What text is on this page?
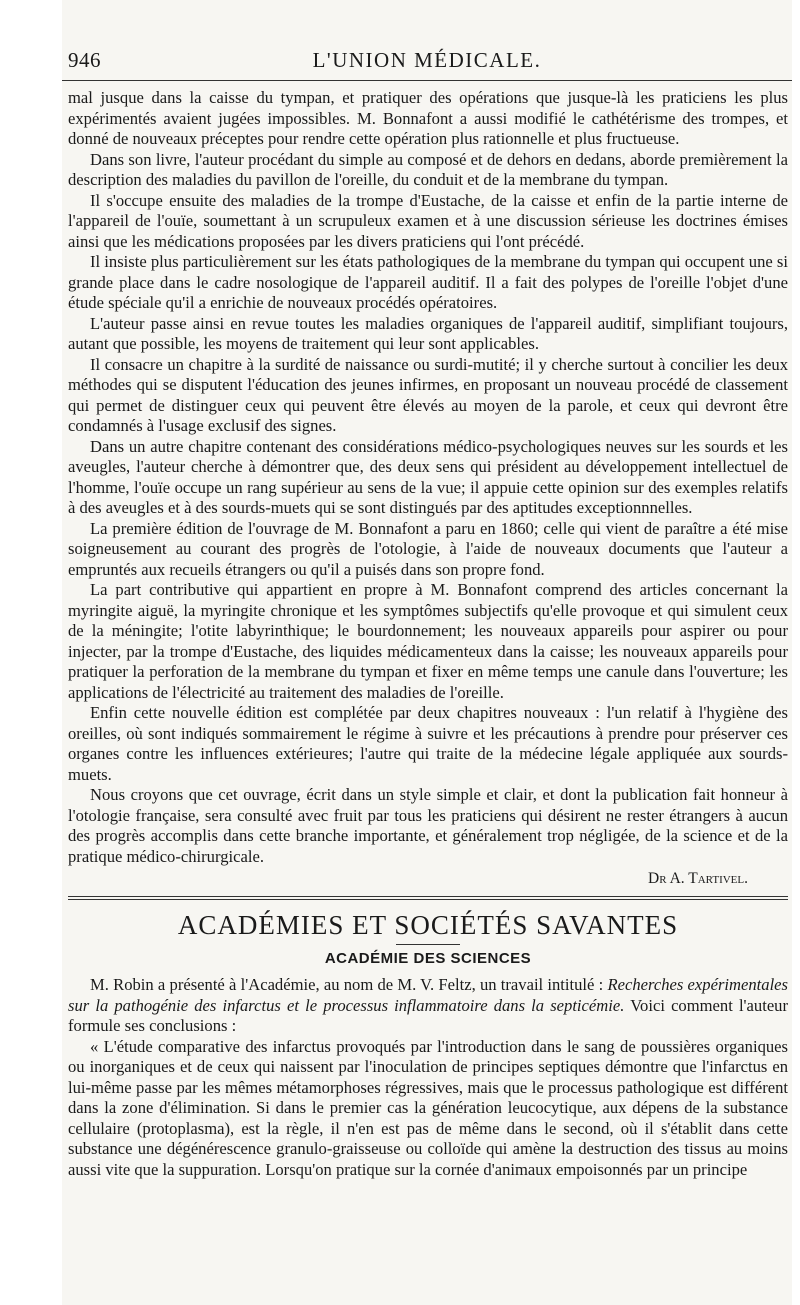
946	L'UNION MÉDICALE.

mal jusque dans la caisse du tympan, et pratiquer des opérations que jusque-là les praticiens les plus expérimentés avaient jugées impossibles. M. Bonnafont a aussi modifié le cathétérisme des trompes, et donné de nouveaux préceptes pour rendre cette opération plus rationnelle et plus fructueuse.

Dans son livre, l'auteur procédant du simple au composé et de dehors en dedans, aborde premièrement la description des maladies du pavillon de l'oreille, du conduit et de la membrane du tympan.

Il s'occupe ensuite des maladies de la trompe d'Eustache, de la caisse et enfin de la partie interne de l'appareil de l'ouïe, soumettant à un scrupuleux examen et à une discussion sérieuse les doctrines émises ainsi que les médications proposées par les divers praticiens qui l'ont précédé.

Il insiste plus particulièrement sur les états pathologiques de la membrane du tympan qui occupent une si grande place dans le cadre nosologique de l'appareil auditif. Il a fait des polypes de l'oreille l'objet d'une étude spéciale qu'il a enrichie de nouveaux procédés opératoires.

L'auteur passe ainsi en revue toutes les maladies organiques de l'appareil auditif, simplifiant toujours, autant que possible, les moyens de traitement qui leur sont applicables.

Il consacre un chapitre à la surdité de naissance ou surdi-mutité; il y cherche surtout à concilier les deux méthodes qui se disputent l'éducation des jeunes infirmes, en proposant un nouveau procédé de classement qui permet de distinguer ceux qui peuvent être élevés au moyen de la parole, et ceux qui devront être condamnés à l'usage exclusif des signes.

Dans un autre chapitre contenant des considérations médico-psychologiques neuves sur les sourds et les aveugles, l'auteur cherche à démontrer que, des deux sens qui président au développement intellectuel de l'homme, l'ouïe occupe un rang supérieur au sens de la vue; il appuie cette opinion sur des exemples relatifs à des aveugles et à des sourds-muets qui se sont distingués par des aptitudes exceptionnnelles.

La première édition de l'ouvrage de M. Bonnafont a paru en 1860; celle qui vient de paraître a été mise soigneusement au courant des progrès de l'otologie, à l'aide de nouveaux documents que l'auteur a empruntés aux recueils étrangers ou qu'il a puisés dans son propre fond.

La part contributive qui appartient en propre à M. Bonnafont comprend des articles concernant la myringite aiguë, la myringite chronique et les symptômes subjectifs qu'elle provoque et qui simulent ceux de la méningite; l'otite labyrinthique; le bourdonnement; les nouveaux appareils pour aspirer ou pour injecter, par la trompe d'Eustache, des liquides médicamenteux dans la caisse; les nouveaux appareils pour pratiquer la perforation de la membrane du tympan et fixer en même temps une canule dans l'ouverture; les applications de l'électricité au traitement des maladies de l'oreille.

Enfin cette nouvelle édition est complétée par deux chapitres nouveaux : l'un relatif à l'hygiène des oreilles, où sont indiqués sommairement le régime à suivre et les précautions à prendre pour préserver ces organes contre les influences extérieures; l'autre qui traite de la médecine légale appliquée aux sourds-muets.

Nous croyons que cet ouvrage, écrit dans un style simple et clair, et dont la publication fait honneur à l'otologie française, sera consulté avec fruit par tous les praticiens qui désirent ne rester étrangers à aucun des progrès accomplis dans cette branche importante, et généralement trop négligée, de la science et de la pratique médico-chirurgicale.

Dr A. Tartivel.
ACADÉMIES ET SOCIÉTÉS SAVANTES
ACADÉMIE DES SCIENCES

M. Robin a présenté à l'Académie, au nom de M. V. Feltz, un travail intitulé : Recherches expérimentales sur la pathogénie des infarctus et le processus inflammatoire dans la septicémie. Voici comment l'auteur formule ses conclusions :

« L'étude comparative des infarctus provoqués par l'introduction dans le sang de poussières organiques ou inorganiques et de ceux qui naissent par l'inoculation de principes septiques démontre que l'infarctus en lui-même passe par les mêmes métamorphoses régressives, mais que le processus pathologique est différent dans la zone d'élimination. Si dans le premier cas la génération leucocytique, aux dépens de la substance cellulaire (protoplasma), est la règle, il n'en est pas de même dans le second, où il s'établit dans cette substance une dégénérescence granulo-graisseuse ou colloïde qui amène la destruction des tissus au moins aussi vite que la suppuration. Lorsqu'on pratique sur la cornée d'animaux empoisonnés par un principe
